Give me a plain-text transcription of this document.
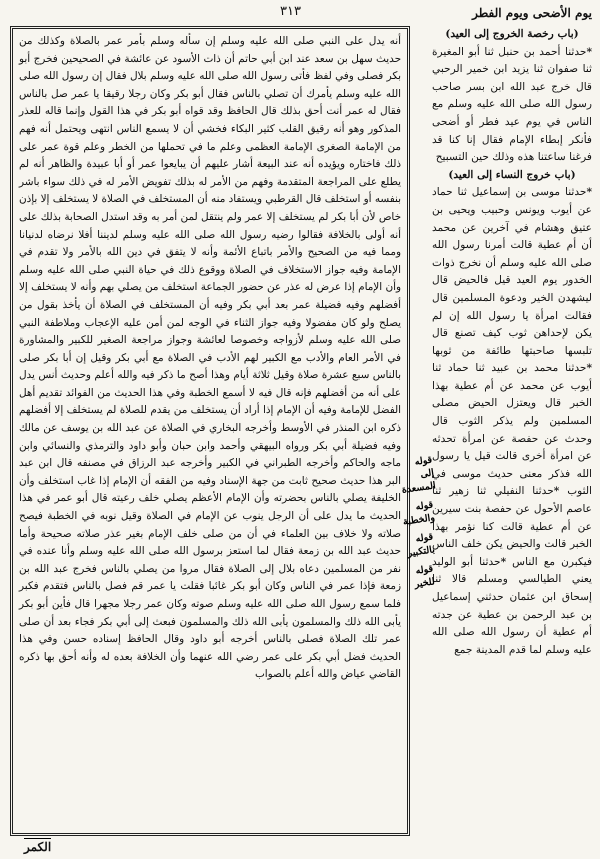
٣١٣	يوم الأضحى ويوم الفطر
أنه يدل على النبي صلى الله عليه وسلم إن سأله وسلم بأمر عمر بالصلاة وكذلك من حديث سهل بن سعد عند ابن أبي حاتم أن ذات الأسود عن عائشة في الصحيحين فخرج أبو بكر فصلى وفي لفظ فأتى رسول الله صلى الله عليه وسلم بلال فقال إن رسول الله صلى الله عليه وسلم يأمرك أن تصلي بالناس فقال أبو بكر وكان رجلا رقيقا يا عمر صل بالناس فقال له عمر أنت أحق بذلك قال الحافظ وقد قواه أبو بكر في هذا القول وإنما قاله للعذر المذكور وهو أنه رقيق القلب كثير البكاء فخشي أن لا يسمع الناس انتهى ويحتمل أنه فهم من الإمامة الصغرى الإمامة العظمى وعلم ما في تحملها من الخطر وعلم قوة عمر على ذلك فاختاره ويؤيده أنه عند البيعة أشار عليهم أن يبايعوا عمر أو أبا عبيدة والظاهر أنه لم يطلع على المراجعة المتقدمة وفهم من الأمر له بذلك تفويض الأمر له في ذلك سواء باشر بنفسه أو استخلف قال القرطبي ويستفاد منه أن المستخلف في الصلاة لا يستخلف إلا بإذن خاص لأن أبا بكر لم يستخلف إلا عمر ولم ينتقل لمن أمر به وقد استدل الصحابة بذلك على أنه أولى بالخلافة فقالوا رضيه رسول الله صلى الله عليه وسلم لديننا أفلا نرضاه لدنيانا ومما فيه من الصحيح والأمر باتباع الأئمة وأنه لا يتفق في دين الله بالأمر ولا تقدم في الإمامة وفيه جواز الاستخلاف في الصلاة ووقوع ذلك في حياة النبي صلى الله عليه وسلم وأن الإمام إذا عرض له عذر عن حضور الجماعة استخلف من يصلي بهم وأنه لا يستخلف إلا أفضلهم وفيه فضيلة عمر بعد أبي بكر وفيه أن المستخلف في الصلاة أن يأخذ بقول من يصلح ولو كان مفضولا وفيه جواز الثناء في الوجه لمن أمن عليه الإعجاب وملاطفة النبي صلى الله عليه وسلم لأزواجه وخصوصا لعائشة وجواز مراجعة الصغير للكبير والمشاورة في الأمر العام والأدب مع الكبير لهم الأدب في الصلاة مع أبي بكر وقيل إن أبا بكر صلى بالناس سبع عشرة صلاة وقيل ثلاثة أيام وهذا أصح ما ذكر فيه والله أعلم وحديث أنس يدل على أنه من أفضلهم فإنه قال فيه لا أسمع الخطبة وفي هذا الحديث من الفوائد تقديم أهل الفضل للإمامة وفيه أن الإمام إذا أراد أن يستخلف من يقدم للصلاة لم يستخلف إلا أفضلهم ذكره ابن المنذر في الأوسط وأخرجه البخاري في الصلاة عن عبد الله بن يوسف عن مالك وفيه فضيلة أبي بكر ورواه البيهقي وأحمد وابن حبان وأبو داود والترمذي والنسائي وابن ماجه والحاكم وأخرجه الطبراني في الكبير وأخرجه عبد الرزاق في مصنفه قال ابن عبد البر هذا حديث صحيح ثابت من جهة الإسناد وفيه من الفقه أن الإمام إذا غاب استخلف وأن الخليفة يصلي بالناس بحضرته وأن الإمام الأعظم يصلي خلف رعيته قال أبو عمر في هذا الحديث ما يدل على أن الرجل ينوب عن الإمام في الصلاة وقيل نوبه في الخطبة فيصح صلاته ولا خلاف بين العلماء في أن من صلى خلف الإمام بغير عذر صلاته صحيحة وأما حديث عبد الله بن زمعة فقال لما استعز برسول الله صلى الله عليه وسلم وأنا عنده في نفر من المسلمين دعاه بلال إلى الصلاة فقال مروا من يصلي بالناس فخرج عبد الله بن زمعة فإذا عمر في الناس وكان أبو بكر غائبا فقلت يا عمر قم فصل بالناس فتقدم فكبر فلما سمع رسول الله صلى الله عليه وسلم صوته وكان عمر رجلا مجهرا قال فأين أبو بكر يأبى الله ذلك والمسلمون يأبى الله ذلك والمسلمون فبعث إلى أبي بكر فجاء بعد أن صلى عمر تلك الصلاة فصلى بالناس أخرجه أبو داود وقال الحافظ إسناده حسن وفي هذا الحديث فضل أبي بكر على عمر رضي الله عنهما وأن الخلافة بعده له وأنه أحق بها ذكره القاضي عياض والله أعلم بالصواب
(باب رخصة الخروج إلى العيد)
*حدثنا أحمد بن حنبل ثنا أبو المغيرة ثنا صفوان ثنا يزيد ابن خمير الرحبي قال خرج عبد الله ابن بسر صاحب رسول الله صلى الله عليه وسلم مع الناس في يوم عيد فطر أو أضحى فأنكر إبطاء الإمام فقال إنا كنا قد فرغنا ساعتنا هذه وذلك حين التسبيح
(باب خروج النساء إلى العيد)
*حدثنا موسى بن إسماعيل ثنا حماد عن أيوب ويونس وحبيب ويحيى بن عتيق وهشام في آخرين عن محمد أن أم عطية قالت أمرنا رسول الله صلى الله عليه وسلم أن نخرج ذوات الخدور يوم العيد قيل فالحيض قال ليشهدن الخير ودعوة المسلمين قال فقالت امرأة يا رسول الله إن لم يكن لإحداهن ثوب كيف تصنع قال تلبسها صاحبتها طائفة من ثوبها *حدثنا محمد بن عبيد ثنا حماد ثنا أيوب عن محمد عن أم عطية بهذا الخبر قال ويعتزل الحيض مصلى المسلمين ولم يذكر الثوب قال وحدث عن حفصة عن امرأة تحدثه عن امرأة أخرى قالت قيل يا رسول الله فذكر معنى حديث موسى في الثوب *حدثنا النفيلي ثنا زهير ثنا عاصم الأحول عن حفصة بنت سيرين عن أم عطية قالت كنا نؤمر بهذا الخبر قالت والحيض يكن خلف الناس فيكبرن مع الناس *حدثنا أبو الوليد يعني الطيالسي ومسلم قالا ثنا إسحاق ابن عثمان حدثني إسماعيل بن عبد الرحمن بن عطية عن جدته أم عطية أن رسول الله صلى الله عليه وسلم لما قدم المدينة جمع
قوله إلى المسعدة
قوله والخطبة
قوله بالتكبير
قوله للخير
الكمر
